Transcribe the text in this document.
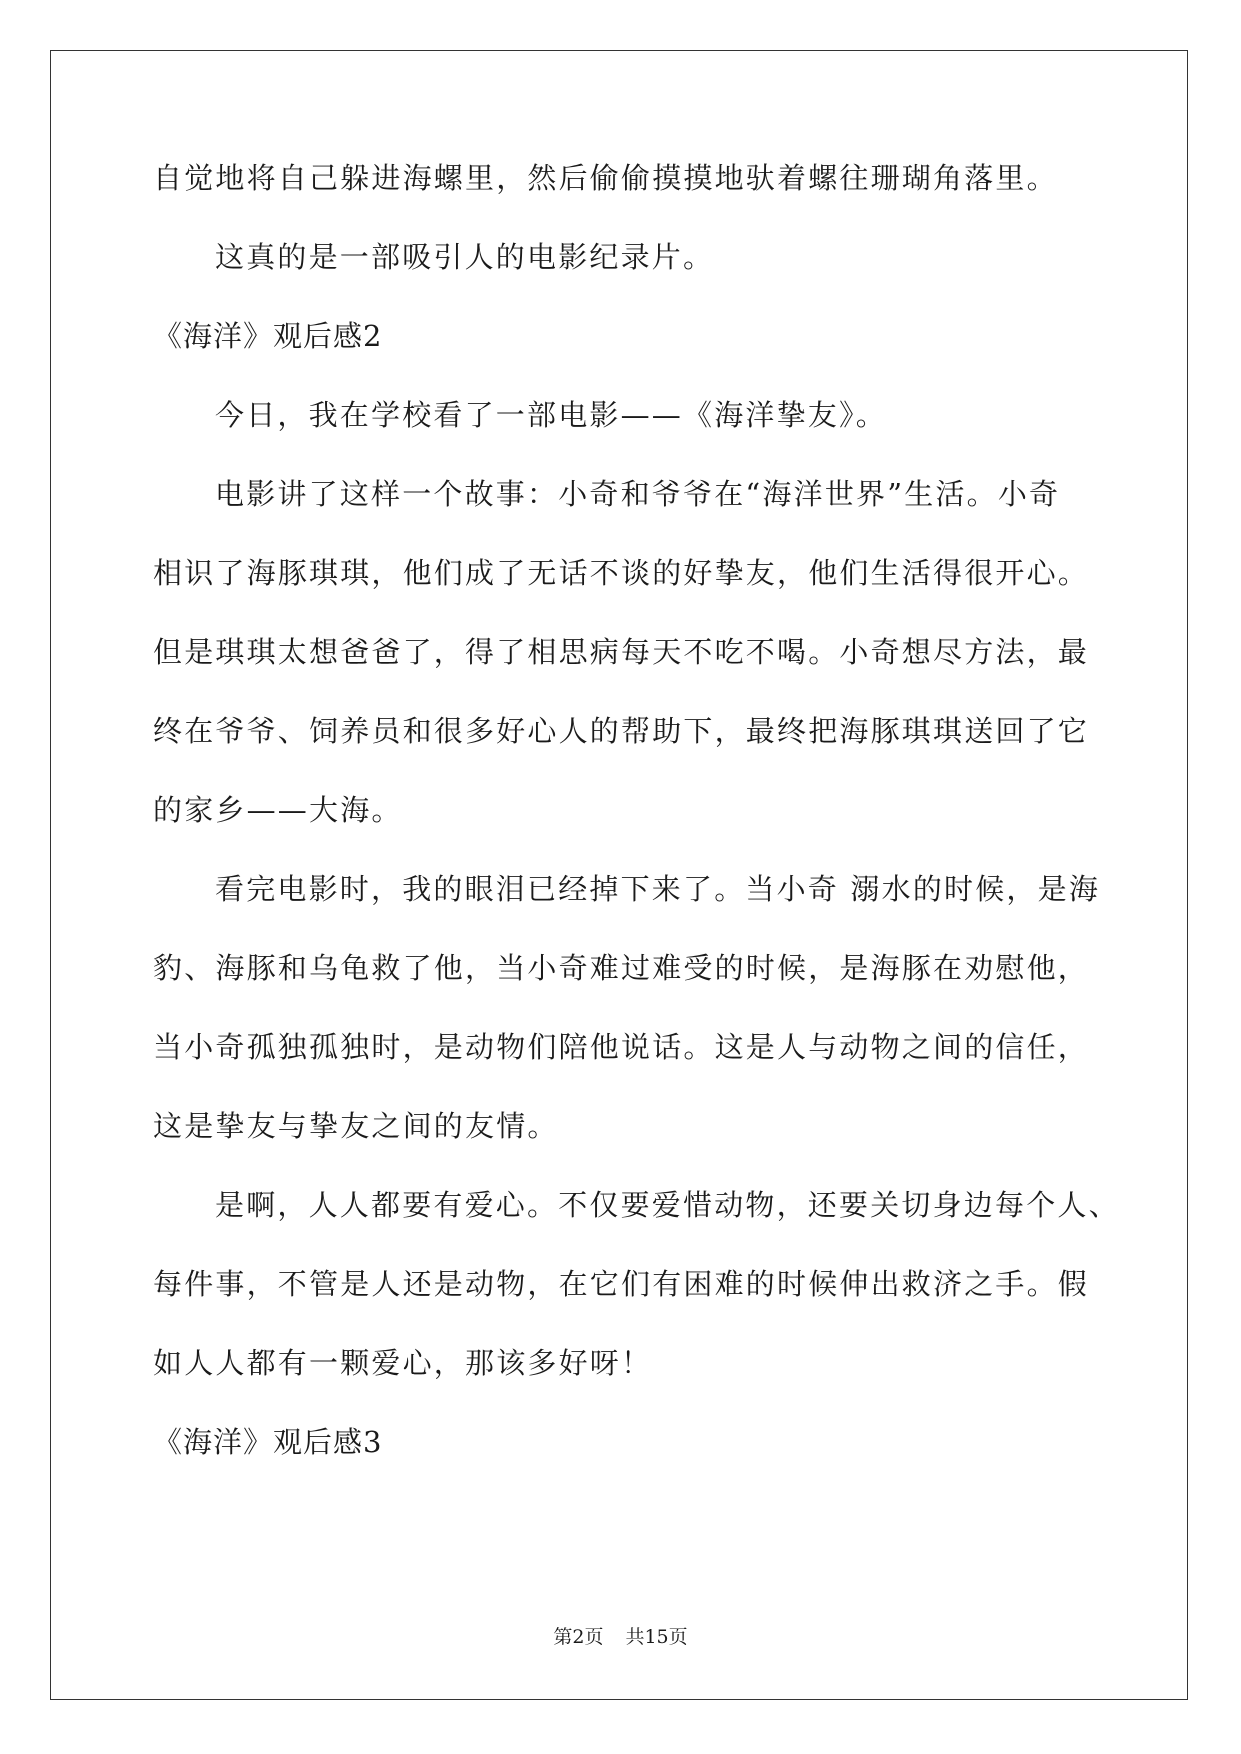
自觉地将自己躲进海螺里，然后偷偷摸摸地驮着螺往珊瑚角落里。

这真的是一部吸引人的电影纪录片。

《海洋》观后感2

今日，我在学校看了一部电影——《海洋挚友》。

电影讲了这样一个故事：小奇和爷爷在“海洋世界”生活。小奇

相识了海豚琪琪，他们成了无话不谈的好挚友，他们生活得很开心。

但是琪琪太想爸爸了，得了相思病每天不吃不喝。小奇想尽方法，最

终在爷爷、饲养员和很多好心人的帮助下，最终把海豚琪琪送回了它

的家乡——大海。

看完电影时，我的眼泪已经掉下来了。当小奇 溺水的时候，是海

豹、海豚和乌龟救了他，当小奇难过难受的时候，是海豚在劝慰他，

当小奇孤独孤独时，是动物们陪他说话。这是人与动物之间的信任，

这是挚友与挚友之间的友情。

是啊，人人都要有爱心。不仅要爱惜动物，还要关切身边每个人、

每件事，不管是人还是动物，在它们有困难的时候伸出救济之手。假

如人人都有一颗爱心，那该多好呀！

《海洋》观后感3

第2页 共15页
